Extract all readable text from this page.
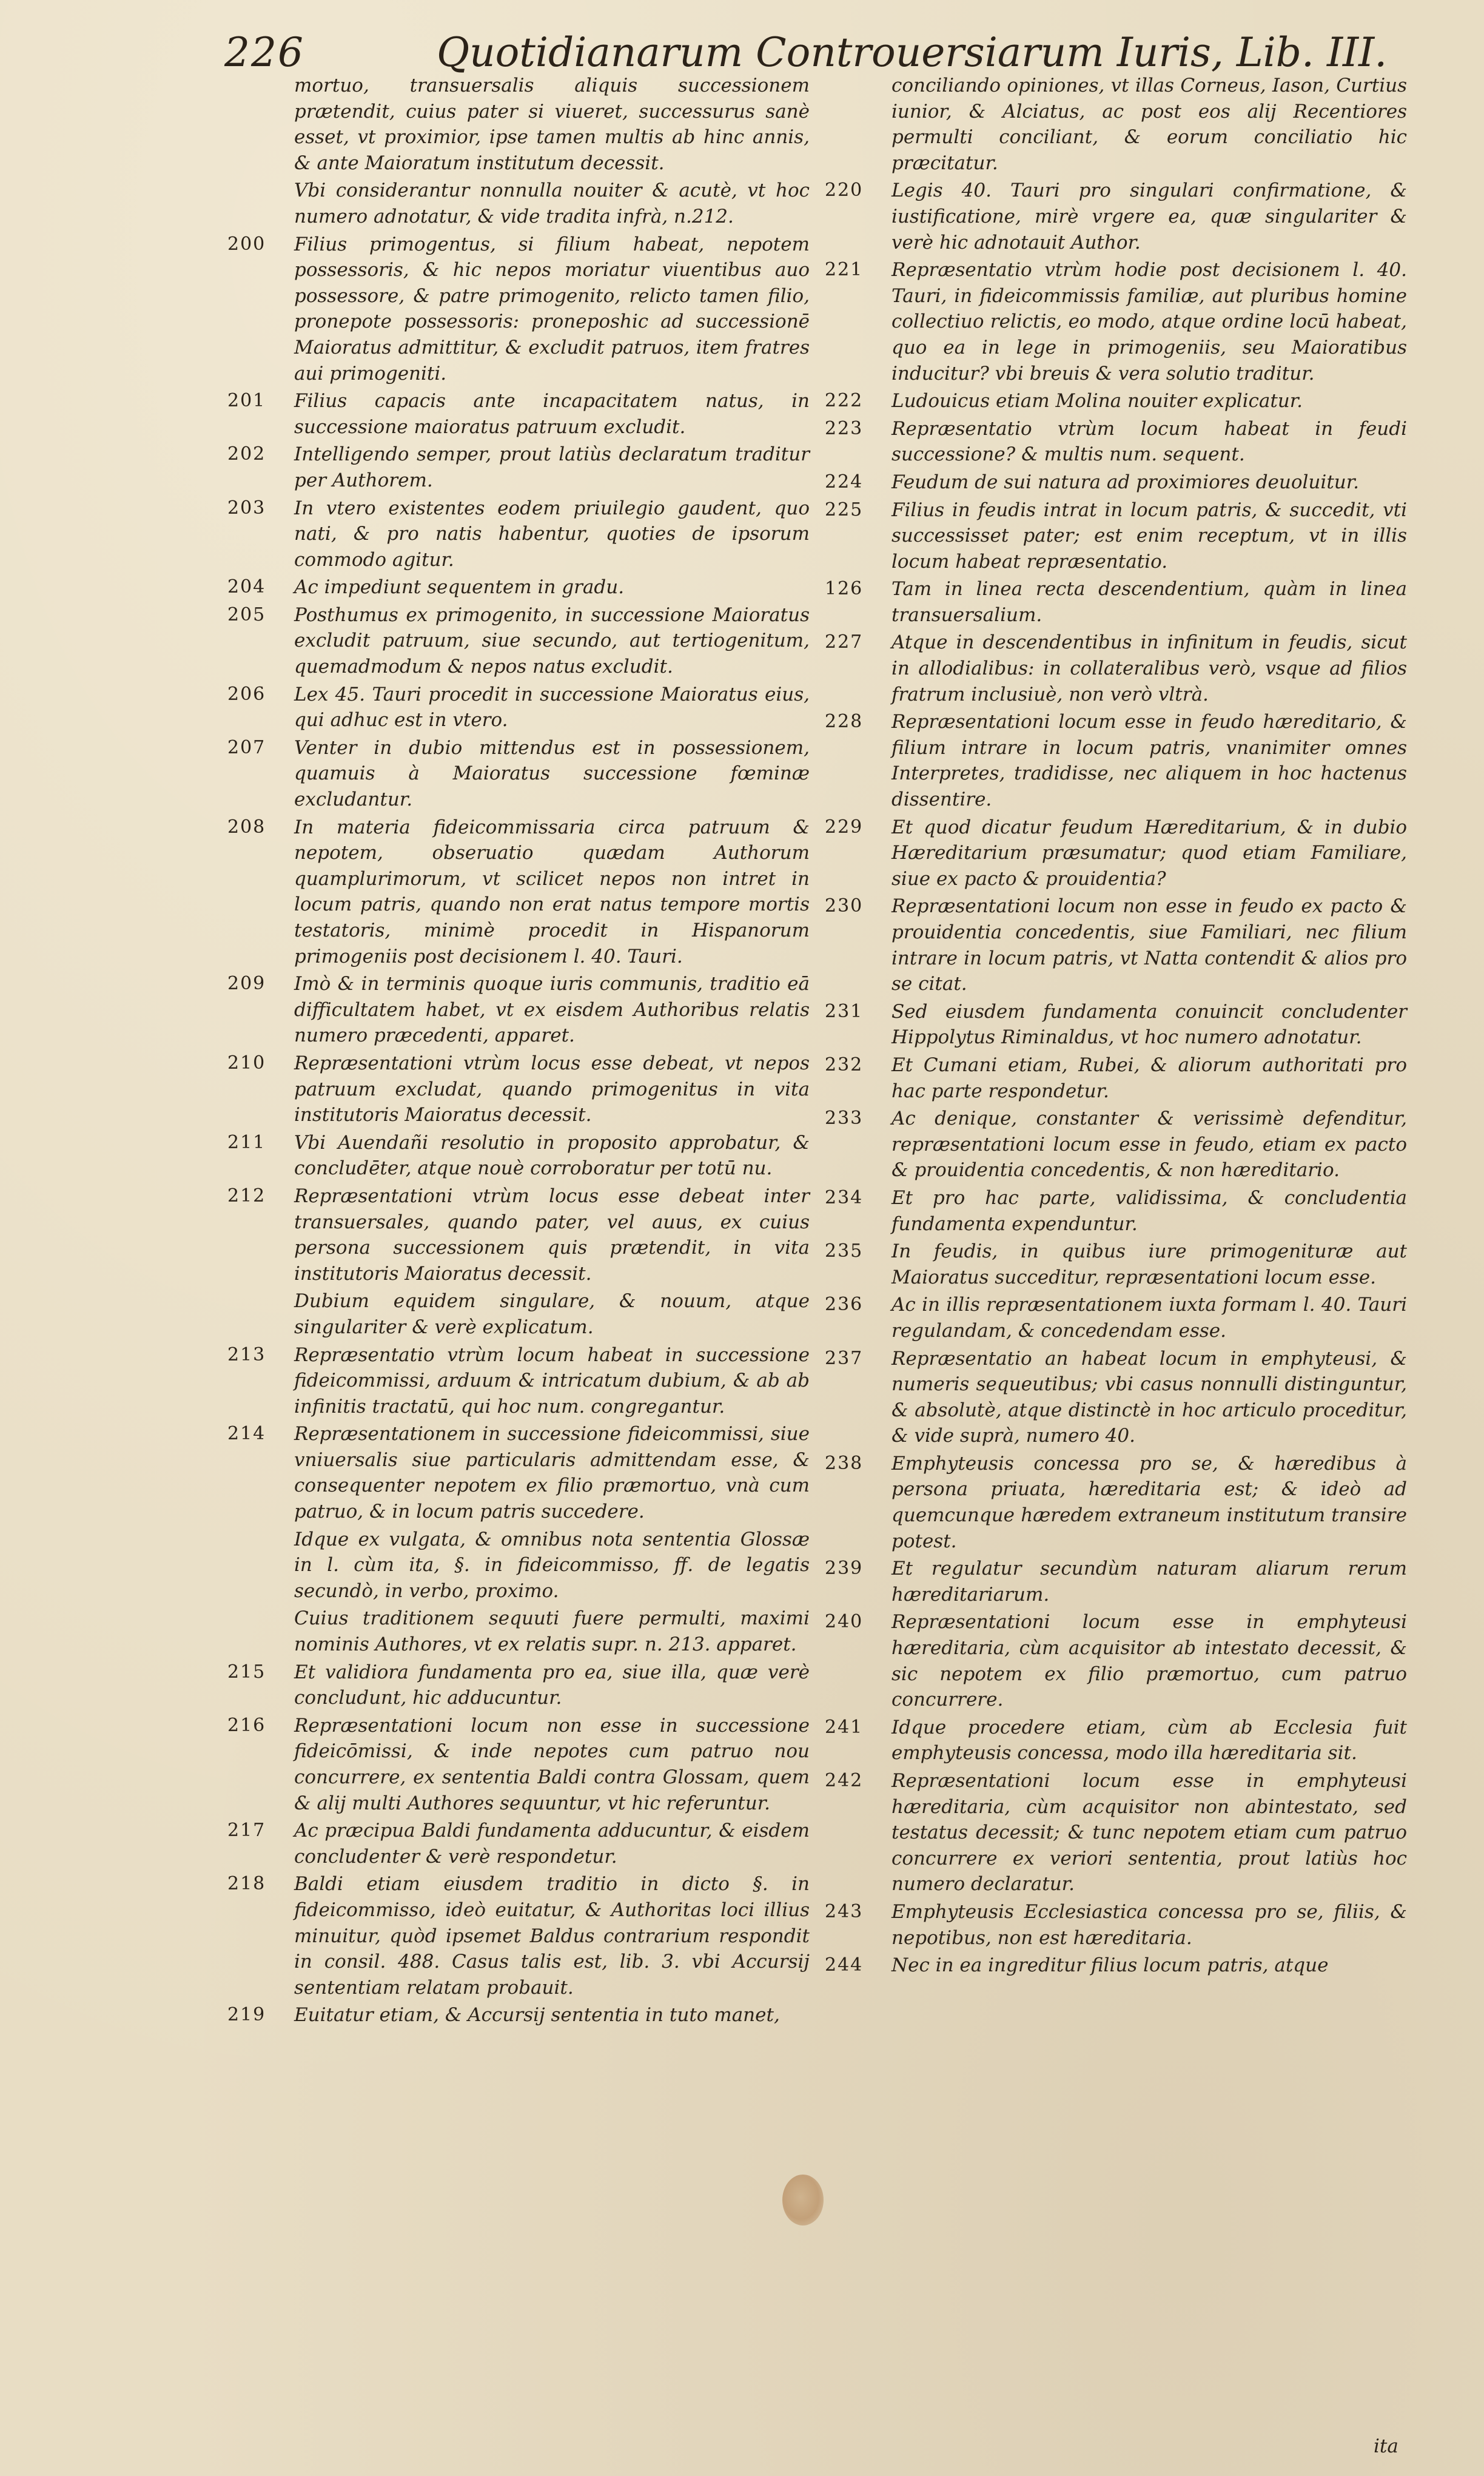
226	Quotidianarum Controuersiarum Iuris, Lib. III.
mortuo, transuersalis aliquis successionem prætendit, cuius pater si viueret, successurus sanè esset, vt proximior, ipse tamen multis ab hinc annis, & ante Maioratum institutum decessit.
Vbi considerantur nonnulla nouiter & acutè, vt hoc numero adnotatur, & vide tradita infrà, n.212.
200	Filius primogentus, si filium habeat, nepotem possessoris, & hic nepos moriatur viuentibus auo possessore, & patre primogenito, relicto tamen filio, pronepote possessoris: proneposhic ad successionē Maioratus admittitur, & excludit patruos, item fratres aui primogeniti.
201	Filius capacis ante incapacitatem natus, in successione maioratus patruum excludit.
202	Intelligendo semper, prout latiùs declaratum traditur per Authorem.
203	In vtero existentes eodem priuilegio gaudent, quo nati, & pro natis habentur, quoties de ipsorum commodo agitur.
204	Ac impediunt sequentem in gradu.
205	Posthumus ex primogenito, in successione Maioratus excludit patruum, siue secundo, aut tertiogenitum, quemadmodum & nepos natus excludit.
206	Lex 45. Tauri procedit in successione Maioratus eius, qui adhuc est in vtero.
207	Venter in dubio mittendus est in possessionem, quamuis à Maioratus successione fœminæ excludantur.
208	In materia fideicommissaria circa patruum & nepotem, obseruatio quædam Authorum quamplurimorum, vt scilicet nepos non intret in locum patris, quando non erat natus tempore mortis testatoris, minimè procedit in Hispanorum primogeniis post decisionem l. 40. Tauri.
209	Imò & in terminis quoque iuris communis, traditio eā difficultatem habet, vt ex eisdem Authoribus relatis numero præcedenti, apparet.
210	Repræsentationi vtrùm locus esse debeat, vt nepos patruum excludat, quando primogenitus in vita institutoris Maioratus decessit.
211	Vbi Auendañi resolutio in proposito approbatur, & concludēter, atque nouè corroboratur per totū nu.
212	Repræsentationi vtrùm locus esse debeat inter transuersales, quando pater, vel auus, ex cuius persona successionem quis prætendit, in vita institutoris Maioratus decessit.
Dubium equidem singulare, & nouum, atque singulariter & verè explicatum.
213	Repræsentatio vtrùm locum habeat in successione fideicommissi, arduum & intricatum dubium, & ab ab infinitis tractatū, qui hoc num. congregantur.
214	Repræsentationem in successione fideicommissi, siue vniuersalis siue particularis admittendam esse, & consequenter nepotem ex filio præmortuo, vnà cum patruo, & in locum patris succedere.
Idque ex vulgata, & omnibus nota sententia Glossæ in l. cùm ita, §. in fideicommisso, ff. de legatis secundò, in verbo, proximo.
Cuius traditionem sequuti fuere permulti, maximi nominis Authores, vt ex relatis supr. n. 213. apparet.
215	Et validiora fundamenta pro ea, siue illa, quæ verè concludunt, hic adducuntur.
216	Repræsentationi locum non esse in successione fideicōmissi, & inde nepotes cum patruo nou concurrere, ex sententia Baldi contra Glossam, quem & alij multi Authores sequuntur, vt hic referuntur.
217	Ac præcipua Baldi fundamenta adducuntur, & eisdem concludenter & verè respondetur.
218	Baldi etiam eiusdem traditio in dicto §. in fideicommisso, ideò euitatur, & Authoritas loci illius minuitur, quòd ipsemet Baldus contrarium respondit in consil. 488. Casus talis est, lib. 3. vbi Accursij sententiam relatam probauit.
219	Euitatur etiam, & Accursij sententia in tuto manet,
conciliando opiniones, vt illas Corneus, Iason, Curtius iunior, & Alciatus, ac post eos alij Recentiores permulti conciliant, & eorum conciliatio hic præcitatur.
220	Legis 40. Tauri pro singulari confirmatione, & iustificatione, mirè vrgere ea, quæ singulariter & verè hic adnotauit Author.
221	Repræsentatio vtrùm hodie post decisionem l. 40. Tauri, in fideicommissis familiæ, aut pluribus homine collectiuo relictis, eo modo, atque ordine locū habeat, quo ea in lege in primogeniis, seu Maioratibus inducitur? vbi breuis & vera solutio traditur.
222	Ludouicus etiam Molina nouiter explicatur.
223	Repræsentatio vtrùm locum habeat in feudi successione? & multis num. sequent.
224	Feudum de sui natura ad proximiores deuoluitur.
225	Filius in feudis intrat in locum patris, & succedit, vti successisset pater; est enim receptum, vt in illis locum habeat repræsentatio.
126	Tam in linea recta descendentium, quàm in linea transuersalium.
227	Atque in descendentibus in infinitum in feudis, sicut in allodialibus: in collateralibus verò, vsque ad filios fratrum inclusiuè, non verò vltrà.
228	Repræsentationi locum esse in feudo hæreditario, & filium intrare in locum patris, vnanimiter omnes Interpretes, tradidisse, nec aliquem in hoc hactenus dissentire.
229	Et quod dicatur feudum Hæreditarium, & in dubio Hæreditarium præsumatur; quod etiam Familiare, siue ex pacto & prouidentia?
230	Repræsentationi locum non esse in feudo ex pacto & prouidentia concedentis, siue Familiari, nec filium intrare in locum patris, vt Natta contendit & alios pro se citat.
231	Sed eiusdem fundamenta conuincit concludenter Hippolytus Riminaldus, vt hoc numero adnotatur.
232	Et Cumani etiam, Rubei, & aliorum authoritati pro hac parte respondetur.
233	Ac denique, constanter & verissimè defenditur, repræsentationi locum esse in feudo, etiam ex pacto & prouidentia concedentis, & non hæreditario.
234	Et pro hac parte, validissima, & concludentia fundamenta expenduntur.
235	In feudis, in quibus iure primogenituræ aut Maioratus succeditur, repræsentationi locum esse.
236	Ac in illis repræsentationem iuxta formam l. 40. Tauri regulandam, & concedendam esse.
237	Repræsentatio an habeat locum in emphyteusi, & numeris sequeutibus; vbi casus nonnulli distinguntur, & absolutè, atque distinctè in hoc articulo proceditur, & vide suprà, numero 40.
238	Emphyteusis concessa pro se, & hæredibus à persona priuata, hæreditaria est; & ideò ad quemcunque hæredem extraneum institutum transire potest.
239	Et regulatur secundùm naturam aliarum rerum hæreditariarum.
240	Repræsentationi locum esse in emphyteusi hæreditaria, cùm acquisitor ab intestato decessit, & sic nepotem ex filio præmortuo, cum patruo concurrere.
241	Idque procedere etiam, cùm ab Ecclesia fuit emphyteusis concessa, modo illa hæreditaria sit.
242	Repræsentationi locum esse in emphyteusi hæreditaria, cùm acquisitor non abintestato, sed testatus decessit; & tunc nepotem etiam cum patruo concurrere ex veriori sententia, prout latiùs hoc numero declaratur.
243	Emphyteusis Ecclesiastica concessa pro se, filiis, & nepotibus, non est hæreditaria.
244	Nec in ea ingreditur filius locum patris, atque
ita
